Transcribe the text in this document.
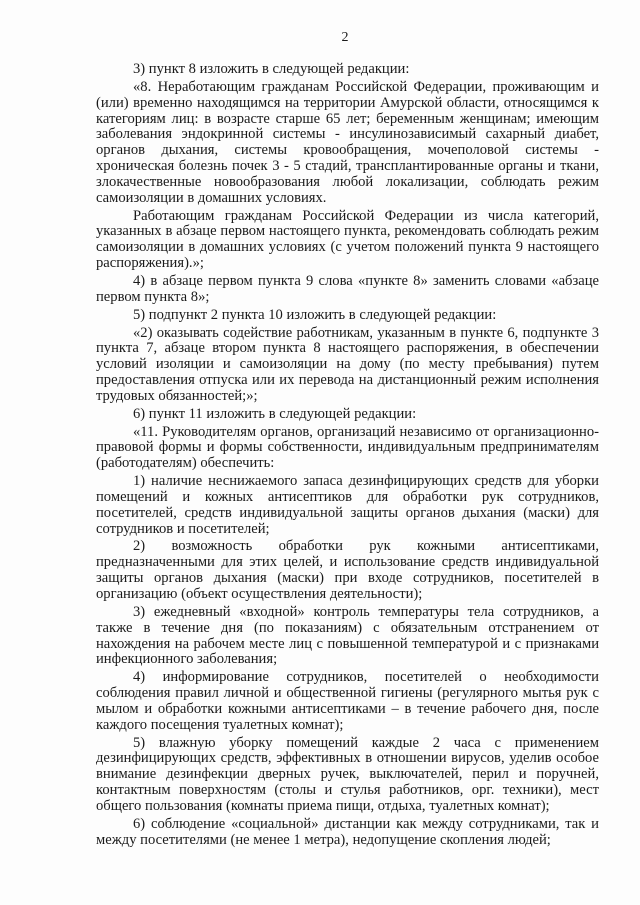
2

3) пункт 8 изложить в следующей редакции:

«8. Неработающим гражданам Российской Федерации, проживающим и (или) временно находящимся на территории Амурской области, относящимся к категориям лиц: в возрасте старше 65 лет; беременным женщинам; имеющим заболевания эндокринной системы - инсулинозависимый сахарный диабет, органов дыхания, системы кровообращения, мочеполовой системы - хроническая болезнь почек 3 - 5 стадий, трансплантированные органы и ткани, злокачественные новообразования любой локализации, соблюдать режим самоизоляции в домашних условиях.

Работающим гражданам Российской Федерации из числа категорий, указанных в абзаце первом настоящего пункта, рекомендовать соблюдать режим самоизоляции в домашних условиях (с учетом положений пункта 9 настоящего распоряжения).»;

4) в абзаце первом пункта 9 слова «пункте 8» заменить словами «абзаце первом пункта 8»;

5) подпункт 2 пункта 10 изложить в следующей редакции:

«2) оказывать содействие работникам, указанным в пункте 6, подпункте 3 пункта 7, абзаце втором пункта 8 настоящего распоряжения, в обеспечении условий изоляции и самоизоляции на дому (по месту пребывания) путем предоставления отпуска или их перевода на дистанционный режим исполнения трудовых обязанностей;»;

6) пункт 11 изложить в следующей редакции:

«11. Руководителям органов, организаций независимо от организационно-правовой формы и формы собственности, индивидуальным предпринимателям (работодателям) обеспечить:

1) наличие неснижаемого запаса дезинфицирующих средств для уборки помещений и кожных антисептиков для обработки рук сотрудников, посетителей, средств индивидуальной защиты органов дыхания (маски) для сотрудников и посетителей;

2) возможность обработки рук кожными антисептиками, предназначенными для этих целей, и использование средств индивидуальной защиты органов дыхания (маски) при входе сотрудников, посетителей в организацию (объект осуществления деятельности);

3) ежедневный «входной» контроль температуры тела сотрудников, а также в течение дня (по показаниям) с обязательным отстранением от нахождения на рабочем месте лиц с повышенной температурой и с признаками инфекционного заболевания;

4) информирование сотрудников, посетителей о необходимости соблюдения правил личной и общественной гигиены (регулярного мытья рук с мылом и обработки кожными антисептиками – в течение рабочего дня, после каждого посещения туалетных комнат);

5) влажную уборку помещений каждые 2 часа с применением дезинфицирующих средств, эффективных в отношении вирусов, уделив особое внимание дезинфекции дверных ручек, выключателей, перил и поручней, контактным поверхностям (столы и стулья работников, орг. техники), мест общего пользования (комнаты приема пищи, отдыха, туалетных комнат);

6) соблюдение «социальной» дистанции как между сотрудниками, так и между посетителями (не менее 1 метра), недопущение скопления людей;
